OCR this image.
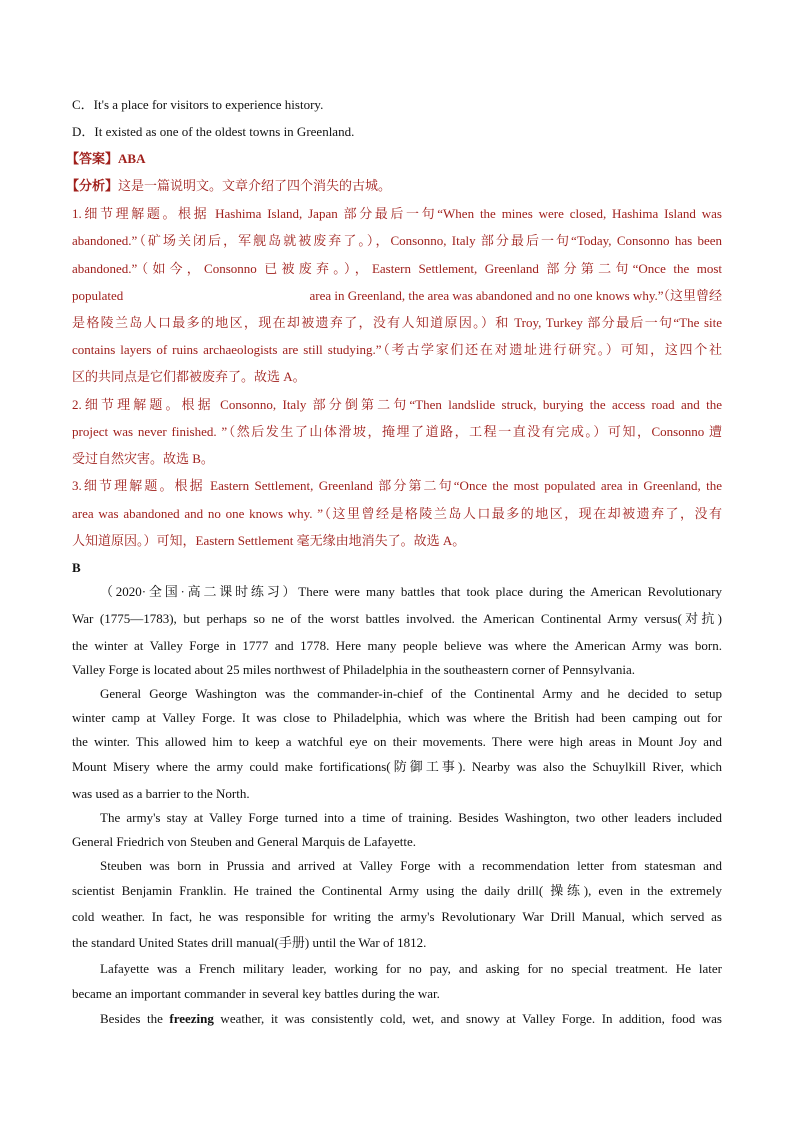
C．It's a place for visitors to experience history.
D．It existed as one of the oldest towns in Greenland.
【答案】ABA
【分析】这是一篇说明文。文章介绍了四个消失的古城。
1.细节理解题。根据 Hashima Island, Japan 部分最后一句“When the mines were closed, Hashima Island was
abandoned.”（矿场关闭后，军舰岛就被废弃了。），Consonno, Italy 部分最后一句“Today, Consonno has been
abandoned.”（如今，Consonno 已被废弃。），Eastern Settlement, Greenland 部分第二句“Once the most
populated	area in Greenland, the area was abandoned and no one knows why.”（这里曾经
是格陵兰岛人口最多的地区，现在却被遗弃了，没有人知道原因。）和 Troy, Turkey 部分最后一句“The site
contains layers of ruins archaeologists are still studying.”（考古学家们还在对遗址进行研究。）可知，这四个社
区的共同点是它们都被废弃了。故选 A。
2.细节理解题。根据 Consonno, Italy 部分倒第二句“Then landslide struck, burying the access road and the
project was never finished. ”（然后发生了山体滑坡，掩埋了道路，工程一直没有完成。）可知，Consonno 遭
受过自然灾害。故选 B。
3.细节理解题。根据 Eastern Settlement, Greenland 部分第二句“Once the most populated area in Greenland, the
area was abandoned and no one knows why. ”（这里曾经是格陵兰岛人口最多的地区，现在却被遗弃了，没有
人知道原因。）可知，Eastern Settlement 毫无缘由地消失了。故选 A。
B
（2020·全国·高二课时练习）There were many battles that took place during the American Revolutionary
War (1775—1783), but perhaps so ne of the worst battles involved. the American Continental Army versus(对抗)
the winter at Valley Forge in 1777 and 1778. Here many people believe was where the American Army was born.
Valley Forge is located about 25 miles northwest of Philadelphia in the southeastern corner of Pennsylvania.
General George Washington was the commander-in-chief of the Continental Army and he decided to setup
winter camp at Valley Forge. It was close to Philadelphia, which was where the British had been camping out for
the winter. This allowed him to keep a watchful eye on their movements. There were high areas in Mount Joy and
Mount Misery where the army could make fortifications(防御工事). Nearby was also the Schuylkill River, which
was used as a barrier to the North.
The army's stay at Valley Forge turned into a time of training. Besides Washington, two other leaders included
General Friedrich von Steuben and General Marquis de Lafayette.
Steuben was born in Prussia and arrived at Valley Forge with a recommendation letter from statesman and
scientist Benjamin Franklin. He trained the Continental Army using the daily drill( 操练), even in the extremely
cold weather. In fact, he was responsible for writing the army's Revolutionary War Drill Manual, which served as
the standard United States drill manual(手册) until the War of 1812.
Lafayette was a French military leader, working for no pay, and asking for no special treatment. He later
became an important commander in several key battles during the war.
Besides the freezing weather, it was consistently cold, wet, and snowy at Valley Forge. In addition, food was
